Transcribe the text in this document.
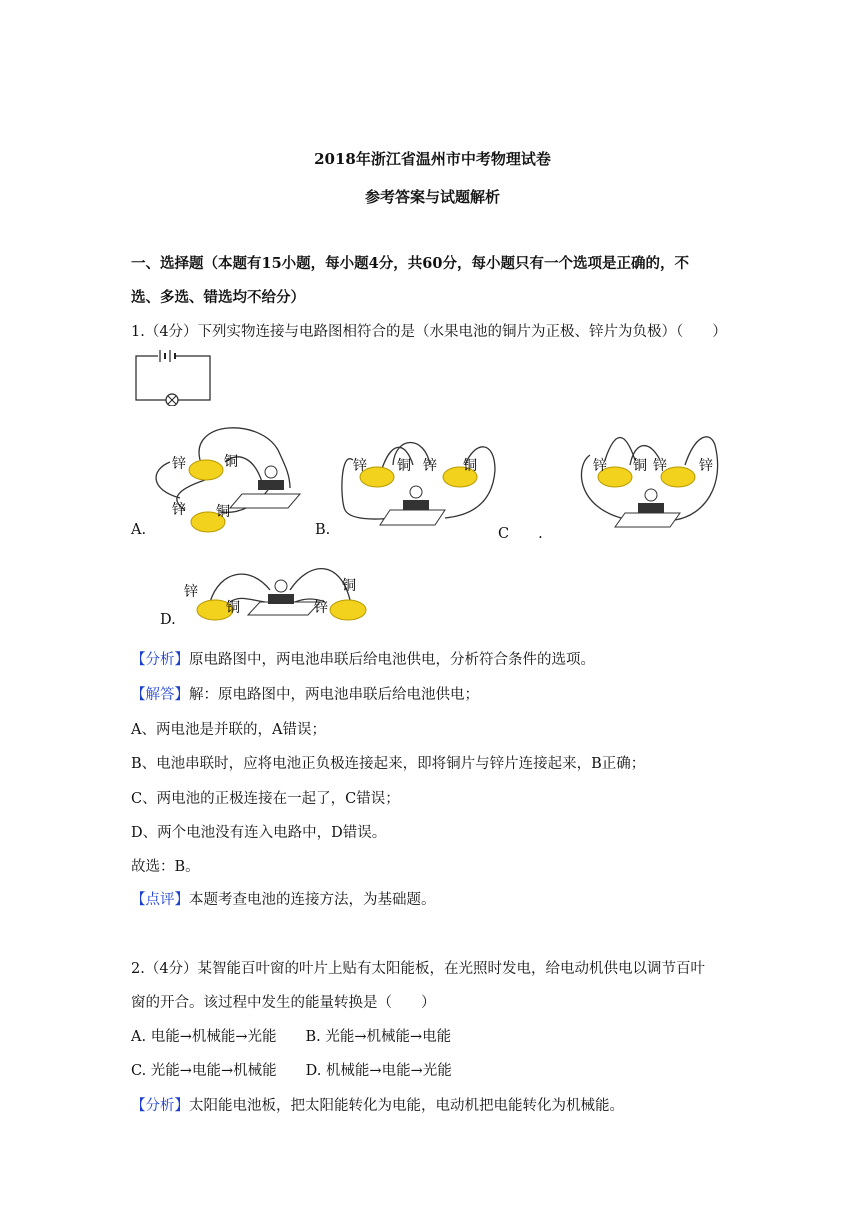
2018年浙江省温州市中考物理试卷
参考答案与试题解析
一、选择题（本题有15小题，每小题4分，共60分，每小题只有一个选项是正确的，不
选、多选、错选均不给分）
1.（4分）下列实物连接与电路图相符合的是（水果电池的铜片为正极、锌片为负极）（　　）
锌	铜
锌 铜
A.
锌 铜 锌 铜
B.
锌 铜 锌 锌
C　　.
锌
铜	锌
铜
D.
【分析】原电路图中，两电池串联后给电池供电，分析符合条件的选项。
【解答】解：原电路图中，两电池串联后给电池供电；
A、两电池是并联的，A错误；
B、电池串联时，应将电池正负极连接起来，即将铜片与锌片连接起来，B正确；
C、两电池的正极连接在一起了，C错误；
D、两个电池没有连入电路中，D错误。
故选：B。
【点评】本题考查电池的连接方法，为基础题。
2.（4分）某智能百叶窗的叶片上贴有太阳能板，在光照时发电，给电动机供电以调节百叶
窗的开合。该过程中发生的能量转换是（　　）
A. 电能→机械能→光能　　B. 光能→机械能→电能
C. 光能→电能→机械能　　D. 机械能→电能→光能
【分析】太阳能电池板，把太阳能转化为电能，电动机把电能转化为机械能。
